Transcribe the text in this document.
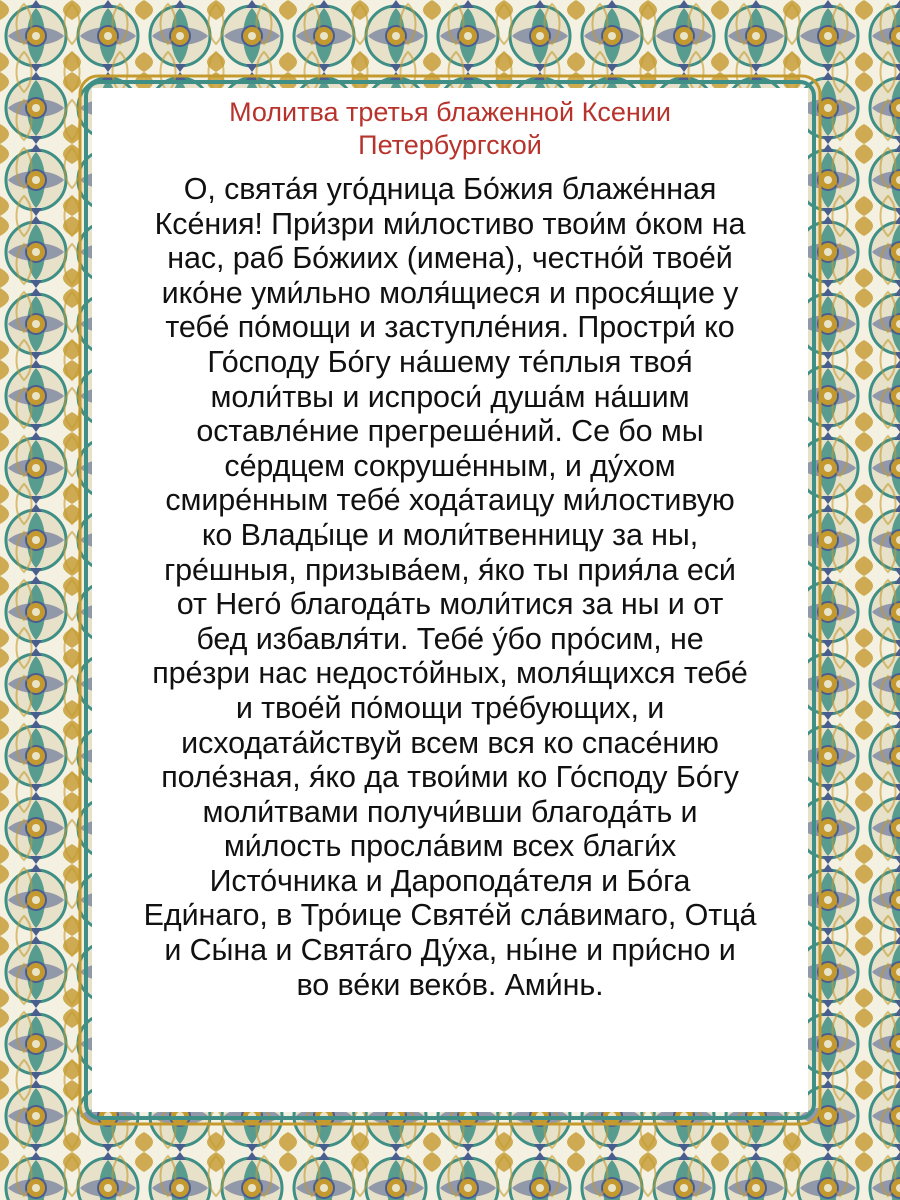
Молитва третья блаженной Ксении
Петербургской

О, свята́я уго́дница Бо́жия блаже́нная
Ксе́ния! При́зри ми́лостиво твои́м о́ком на
нас, раб Бо́жиих (имена), честно́й твое́й
ико́не уми́льно моля́щиеся и прося́щие у
тебе́ по́мощи и заступле́ния. Простри́ ко
Го́споду Бо́гу на́шему те́плыя твоя́
моли́твы и испроси́ душа́м на́шим
оставле́ние прегреше́ний. Се бо мы
се́рдцем сокруше́нным, и ду́хом
смире́нным тебе́ хода́таицу ми́лостивую
ко Влады́це и моли́твенницу за ны,
гре́шныя, призыва́ем, я́ко ты прия́ла еси́
от Него́ благода́ть моли́тися за ны и от
бед избавля́ти. Тебе́ у́бо про́сим, не
пре́зри нас недосто́йных, моля́щихся тебе́
и твое́й по́мощи тре́бующих, и
исходата́йствуй всем вся ко спасе́нию
поле́зная, я́ко да твои́ми ко Го́споду Бо́гу
моли́твами получи́вши благода́ть и
ми́лость просла́вим всех благи́х
Исто́чника и Дароподá́теля и Бо́га
Еди́наго, в Тро́ице Святе́й сла́вимаго, Отца́
и Сы́на и Свята́го Ду́ха, ны́не и при́сно и
во ве́ки веко́в. Ами́нь.
